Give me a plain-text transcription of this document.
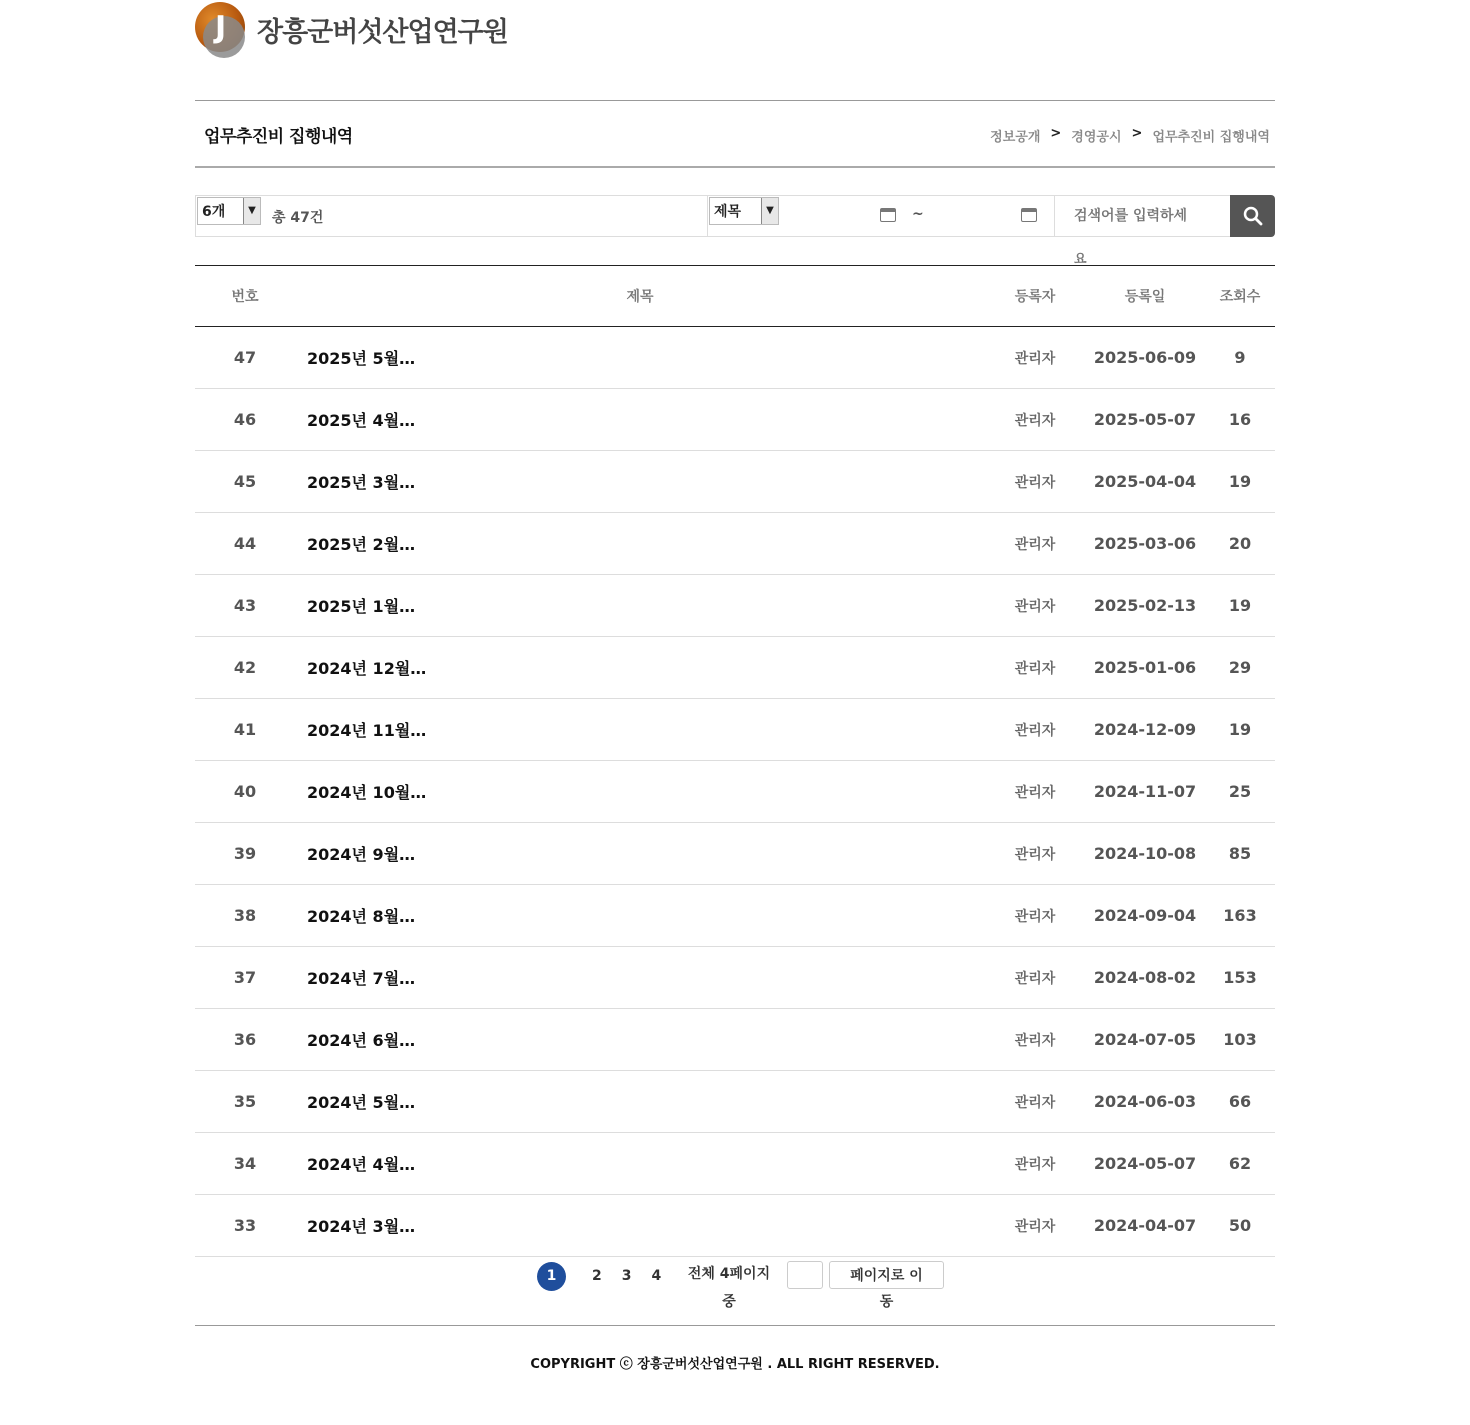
J 장흥군버섯산업연구원
업무추진비 집행내역	정보공개 > 경영공시 > 업무추진비 집행내역
6개	▼ 총 47건	제목	▼	~
검색어를 입력하세
요
번호	제목	등록자	등록일	조회수
47	2025년 5월…	관리자	2025-06-09	9
46	2025년 4월…	관리자	2025-05-07	16
45	2025년 3월…	관리자	2025-04-04	19
44	2025년 2월…	관리자	2025-03-06	20
43	2025년 1월…	관리자	2025-02-13	19
42	2024년 12월…	관리자	2025-01-06	29
41	2024년 11월…	관리자	2024-12-09	19
40	2024년 10월…	관리자	2024-11-07	25
39	2024년 9월…	관리자	2024-10-08	85
38	2024년 8월…	관리자	2024-09-04	163
37	2024년 7월…	관리자	2024-08-02	153
36	2024년 6월…	관리자	2024-07-05	103
35	2024년 5월…	관리자	2024-06-03	66
34	2024년 4월…	관리자	2024-05-07	62
33	2024년 3월…	관리자	2024-04-07	50
1	2 3 4 전체 4페이지
중
페이지로 이
동
COPYRIGHT ⓒ 장흥군버섯산업연구원 . ALL RIGHT RESERVED.
